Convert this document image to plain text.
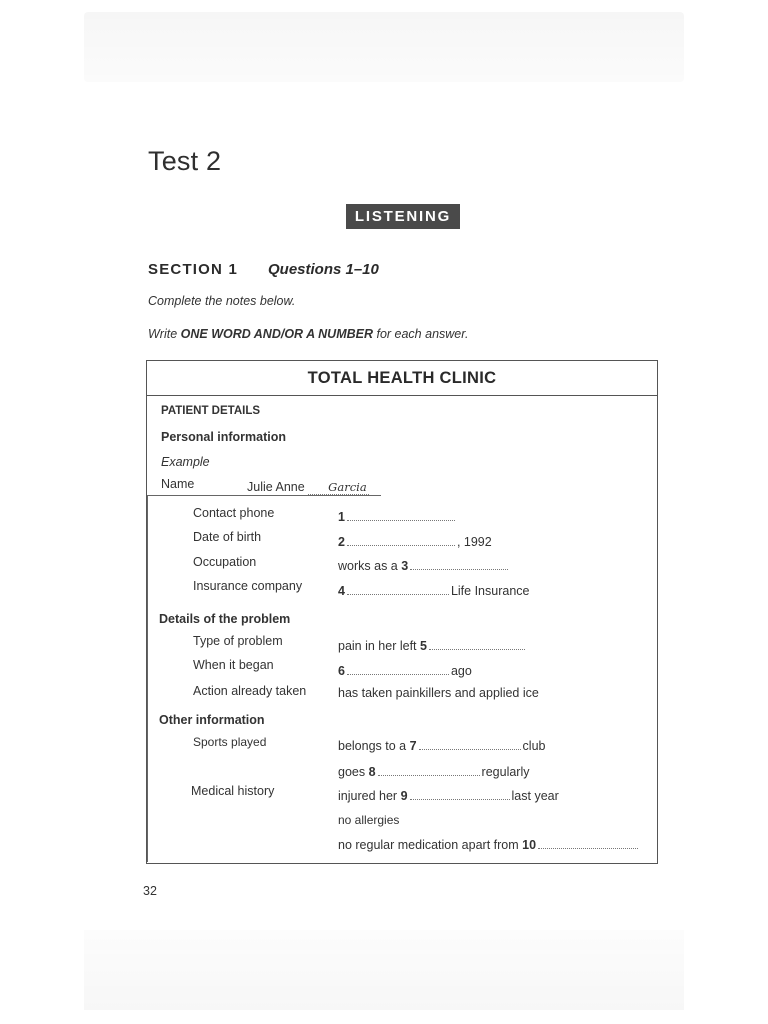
Test 2
LISTENING
SECTION 1 Questions 1–10
Complete the notes below.
Write ONE WORD AND/OR A NUMBER for each answer.
TOTAL HEALTH CLINIC
PATIENT DETAILS
Personal information
Example
Name	Julie Anne Garcia
Contact phone	1
Date of birth	2	, 1992
Occupation	works as a 3
Insurance company	4	Life Insurance
Details of the problem
Type of problem	pain in her left 5
When it began	6	ago
Action already taken	has taken painkillers and applied ice
Other information
Sports played	belongs to a 7	club
goes 8	regularly
Medical history	injured her 9	last year
no allergies
no regular medication apart from 10
32
